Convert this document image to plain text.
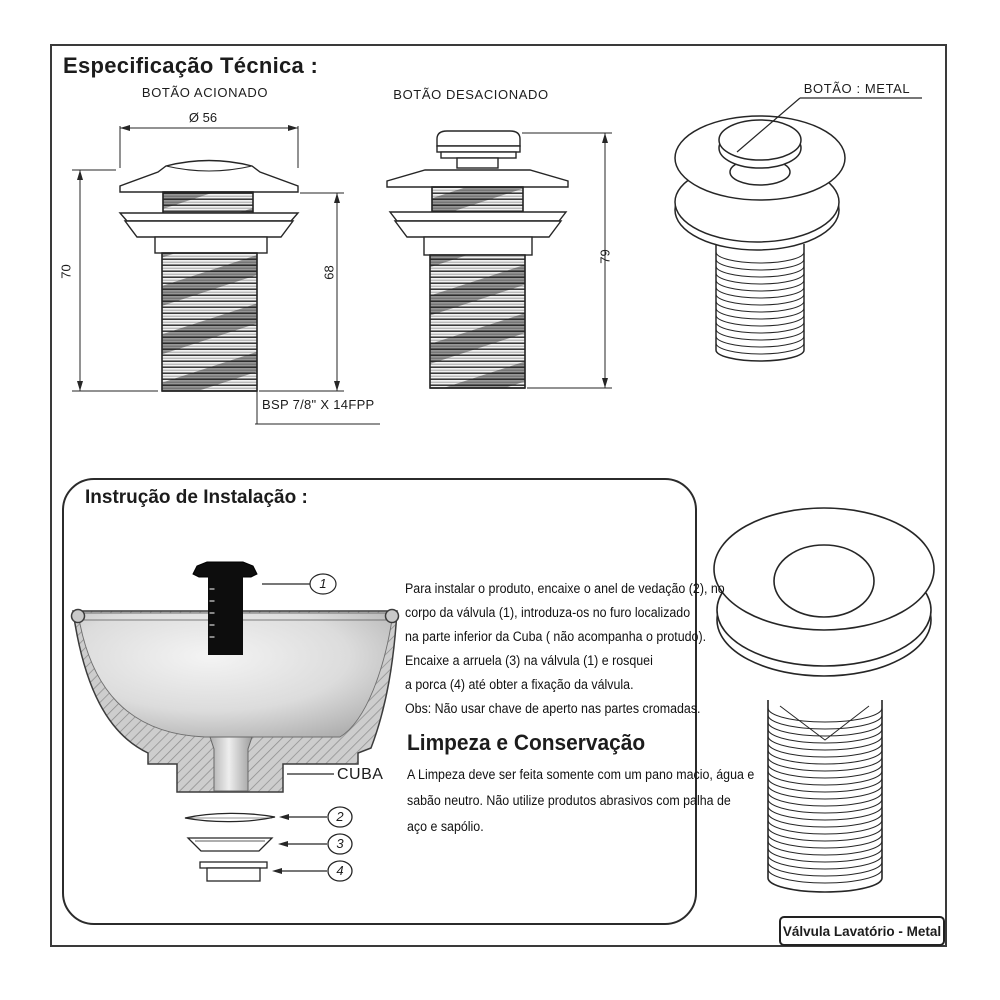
Especificação Técnica :
BOTÃO ACIONADO	BOTÃO DESACIONADO	BOTÃO : METAL
Ø 56
70	68
79
BSP 7/8" X 14FPP
Instrução de Instalação :
CUBA
1
2
3
4
Para instalar o produto, encaixe o anel de vedação (2), no
corpo da válvula (1), introduza-os no furo localizado
na parte inferior da Cuba ( não acompanha o protudo).
Encaixe a arruela (3) na válvula (1) e rosquei
a porca (4) até obter a fixação da válvula.
Obs: Não usar chave de aperto nas partes cromadas.
Limpeza e Conservação
A Limpeza deve ser feita somente com um pano macio, água e
sabão neutro. Não utilize produtos abrasivos com palha de
aço e sapólio.
Válvula Lavatório - Metal
